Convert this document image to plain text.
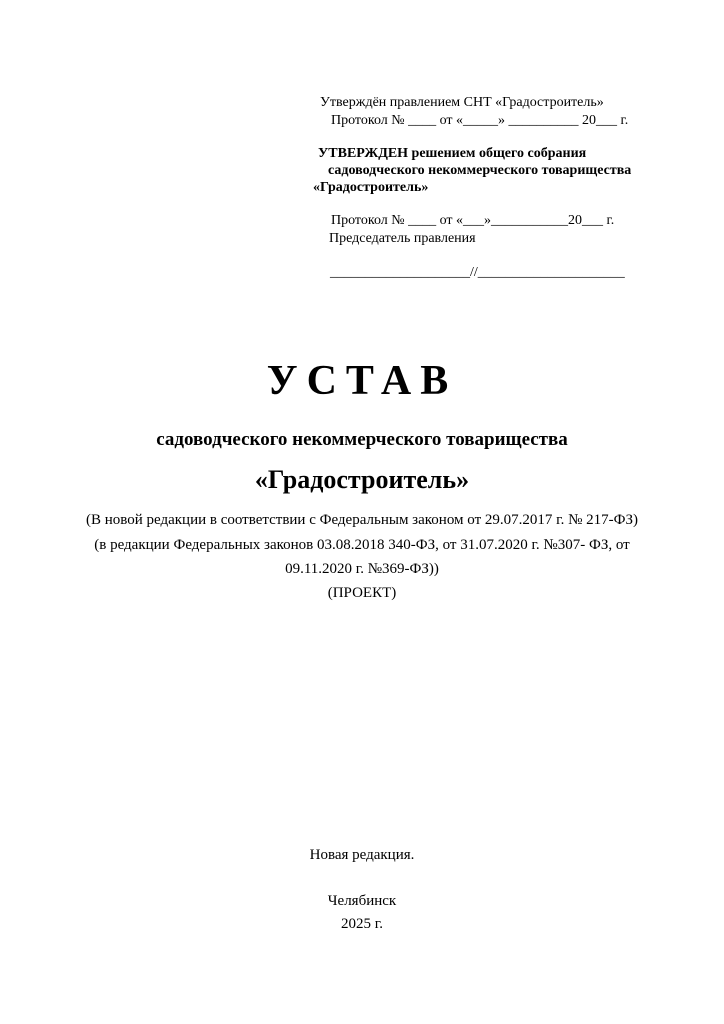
Утверждён правлением СНТ «Градостроитель»
Протокол № ____ от «_____» __________ 20___ г.
УТВЕРЖДЕН решением общего собрания
садоводческого некоммерческого товарищества
«Градостроитель»
Протокол № ____ от «___»___________20___ г.
Председатель правления
____________________//_____________________
УСТАВ
садоводческого некоммерческого товарищества
«Градостроитель»
(В новой редакции в соответствии с Федеральным законом от 29.07.2017 г. № 217-ФЗ)
(в редакции Федеральных законов 03.08.2018 340-ФЗ, от 31.07.2020 г. №307- ФЗ, от
09.11.2020 г. №369-ФЗ))
(ПРОЕКТ)
Новая редакция.
Челябинск
2025 г.
